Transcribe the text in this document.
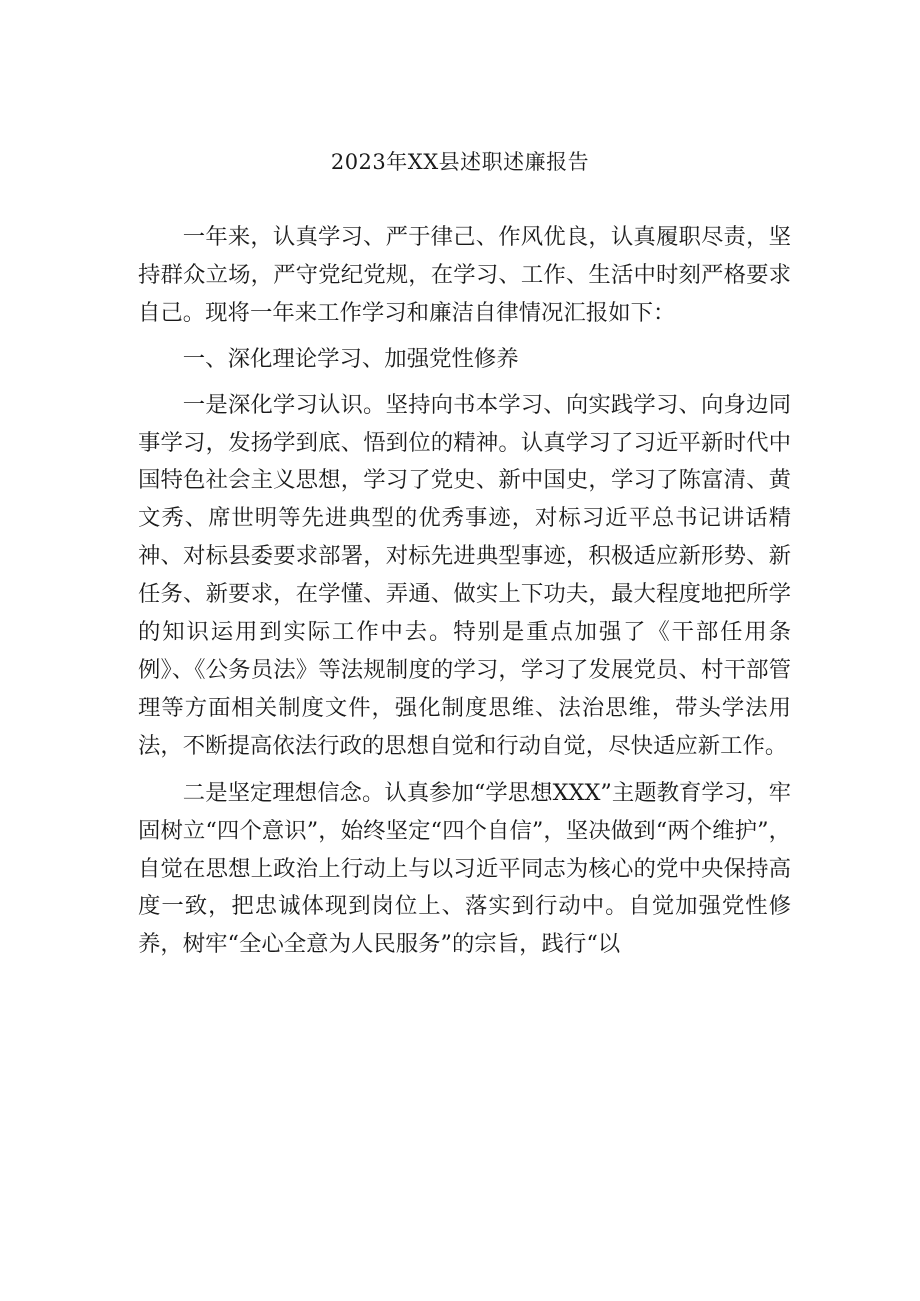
2023年XX县述职述廉报告

一年来，认真学习、严于律己、作风优良，认真履职尽责，坚持群众立场，严守党纪党规，在学习、工作、生活中时刻严格要求自己。现将一年来工作学习和廉洁自律情况汇报如下：

一、深化理论学习、加强党性修养

一是深化学习认识。坚持向书本学习、向实践学习、向身边同事学习，发扬学到底、悟到位的精神。认真学习了习近平新时代中国特色社会主义思想，学习了党史、新中国史，学习了陈富清、黄文秀、席世明等先进典型的优秀事迹，对标习近平总书记讲话精神、对标县委要求部署，对标先进典型事迹，积极适应新形势、新任务、新要求，在学懂、弄通、做实上下功夫，最大程度地把所学的知识运用到实际工作中去。特别是重点加强了《干部任用条例》、《公务员法》等法规制度的学习，学习了发展党员、村干部管理等方面相关制度文件，强化制度思维、法治思维，带头学法用法，不断提高依法行政的思想自觉和行动自觉，尽快适应新工作。

二是坚定理想信念。认真参加“学思想XXX”主题教育学习，牢固树立“四个意识”，始终坚定“四个自信”，坚决做到“两个维护”，自觉在思想上政治上行动上与以习近平同志为核心的党中央保持高度一致，把忠诚体现到岗位上、落实到行动中。自觉加强党性修养，树牢“全心全意为人民服务”的宗旨，践行“以
